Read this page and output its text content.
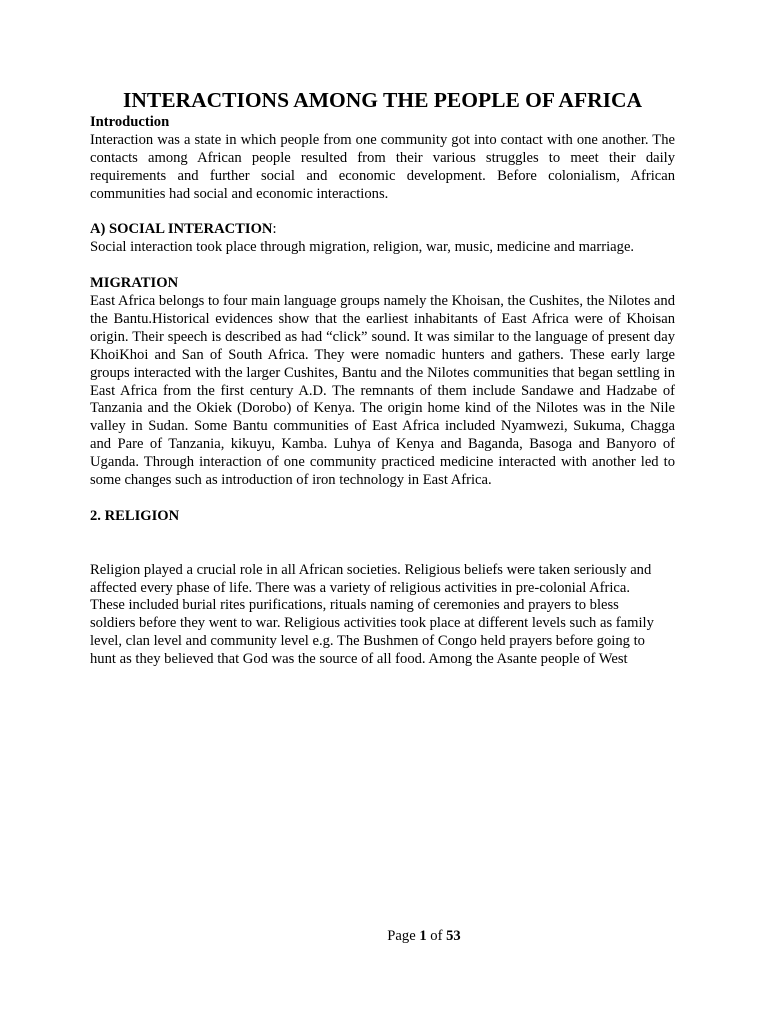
INTERACTIONS AMONG THE PEOPLE OF AFRICA

Introduction

Interaction was a state in which people from one community got into contact with one another. The contacts among African people resulted from their various struggles to meet their daily requirements and further social and economic development. Before colonialism, African communities had social and economic interactions.

A) SOCIAL INTERACTION:

Social interaction took place through migration, religion, war, music, medicine and marriage.

MIGRATION

East Africa belongs to four main language groups namely the Khoisan, the Cushites, the Nilotes and the Bantu.Historical evidences show that the earliest inhabitants of East Africa were of Khoisan origin. Their speech is described as had “click” sound. It was similar to the language of present day KhoiKhoi and San of South Africa. They were nomadic hunters and gathers. These early large groups interacted with the larger Cushites, Bantu and the Nilotes communities that began settling in East Africa from the first century A.D. The remnants of them include Sandawe and Hadzabe of Tanzania and the Okiek (Dorobo) of Kenya. The origin home kind of the Nilotes was in the Nile valley in Sudan. Some Bantu communities of East Africa included Nyamwezi, Sukuma, Chagga and Pare of Tanzania, kikuyu, Kamba. Luhya of Kenya and Baganda, Basoga and Banyoro of Uganda. Through interaction of one community practiced medicine interacted with another led to some changes such as introduction of iron technology in East Africa.

2. RELIGION

Religion played a crucial role in all African societies. Religious beliefs were taken seriously and

affected every phase of life. There was a variety of religious activities in pre-colonial Africa.

These included burial rites purifications, rituals naming of ceremonies and prayers to bless

soldiers before they went to war. Religious activities took place at different levels such as family

level, clan level and community level e.g. The Bushmen of Congo held prayers before going to

hunt as they believed that God was the source of all food. Among the Asante people of West

Page 1 of 53
